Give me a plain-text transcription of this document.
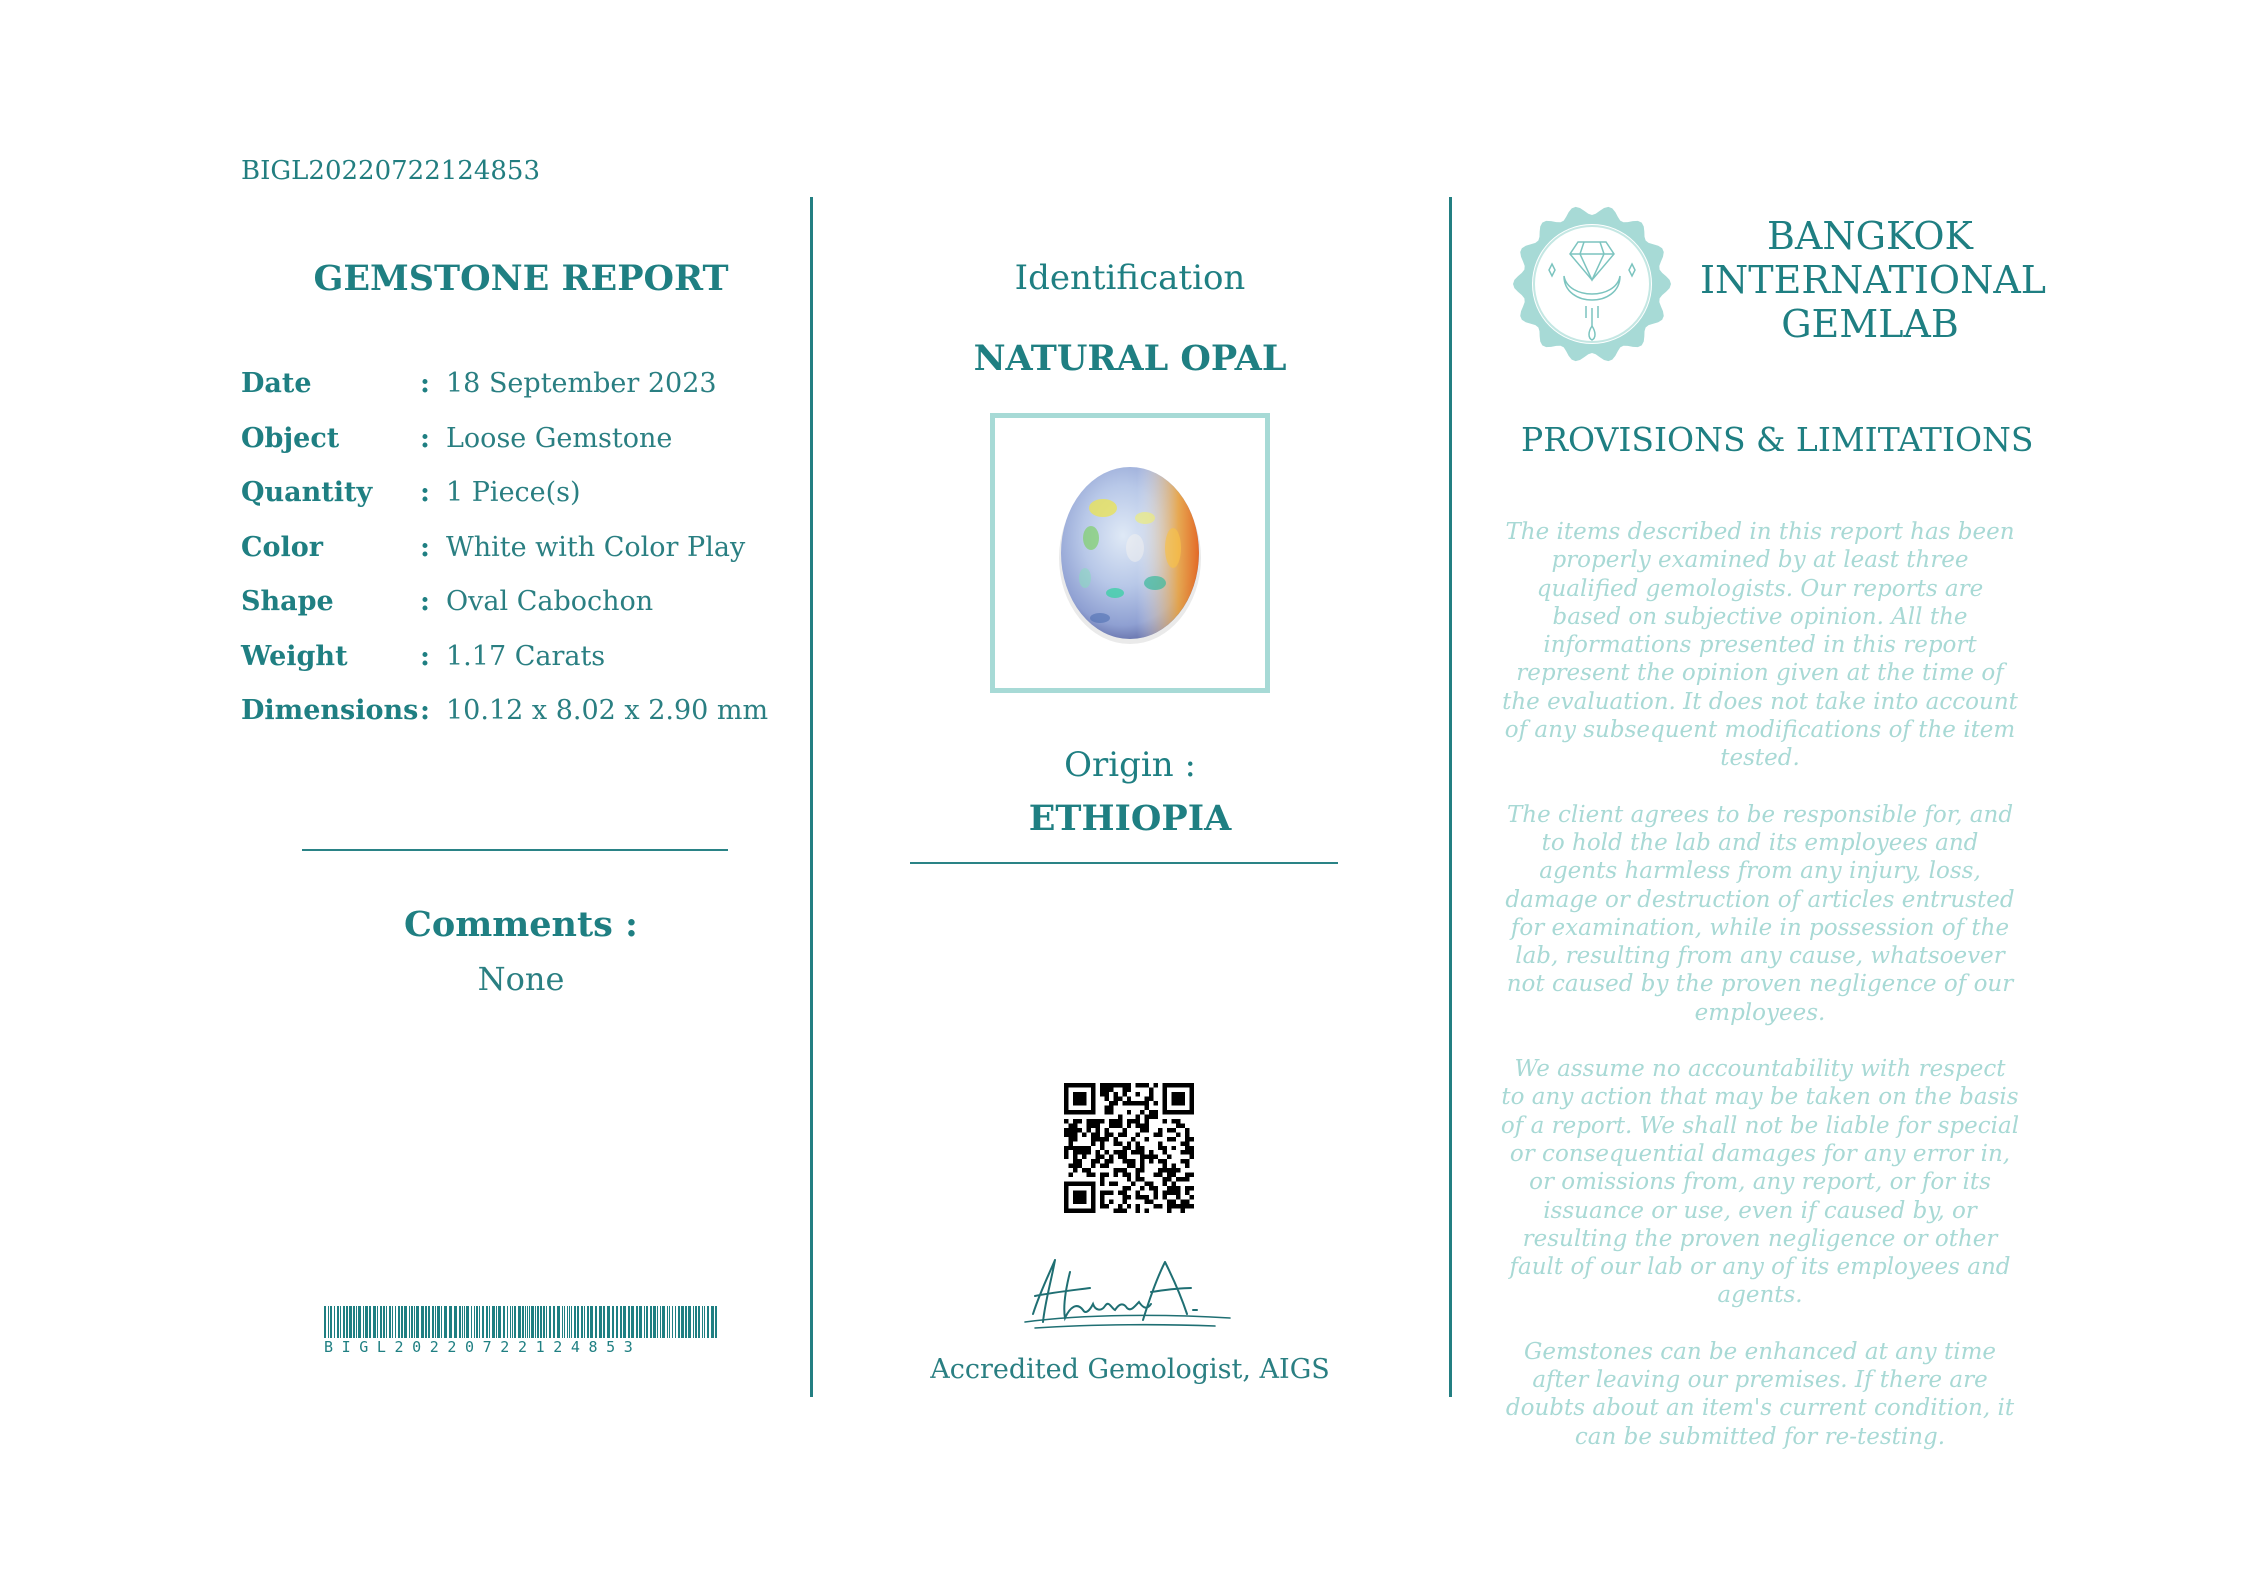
BIGL20220722124853
GEMSTONE REPORT
Date	: 18 September 2023
Object	: Loose Gemstone
Quantity : 1 Piece(s)
Color	: White with Color Play
Shape	: Oval Cabochon
Weight	: 1.17 Carats
Dimensions : 10.12 x 8.02 x 2.90 mm
Comments :
None
BIGL20220722124853
Identification
NATURAL OPAL
Origin :
ETHIOPIA
Accredited Gemologist, AIGS
BANGKOK
INTERNATIONAL
GEMLAB
PROVISIONS & LIMITATIONS

The items described in this report has been properly examined by at least three qualified gemologists. Our reports are based on subjective opinion. All the informations presented in this report represent the opinion given at the time of the evaluation. It does not take into account of any subsequent modifications of the item tested.

The client agrees to be responsible for, and to hold the lab and its employees and agents harmless from any injury, loss, damage or destruction of articles entrusted for examination, while in possession of the lab, resulting from any cause, whatsoever not caused by the proven negligence of our employees.

We assume no accountability with respect to any action that may be taken on the basis of a report. We shall not be liable for special or consequential damages for any error in, or omissions from, any report, or for its issuance or use, even if caused by, or resulting the proven negligence or other fault of our lab or any of its employees and agents.

Gemstones can be enhanced at any time after leaving our premises. If there are doubts about an item's current condition, it can be submitted for re-testing.
